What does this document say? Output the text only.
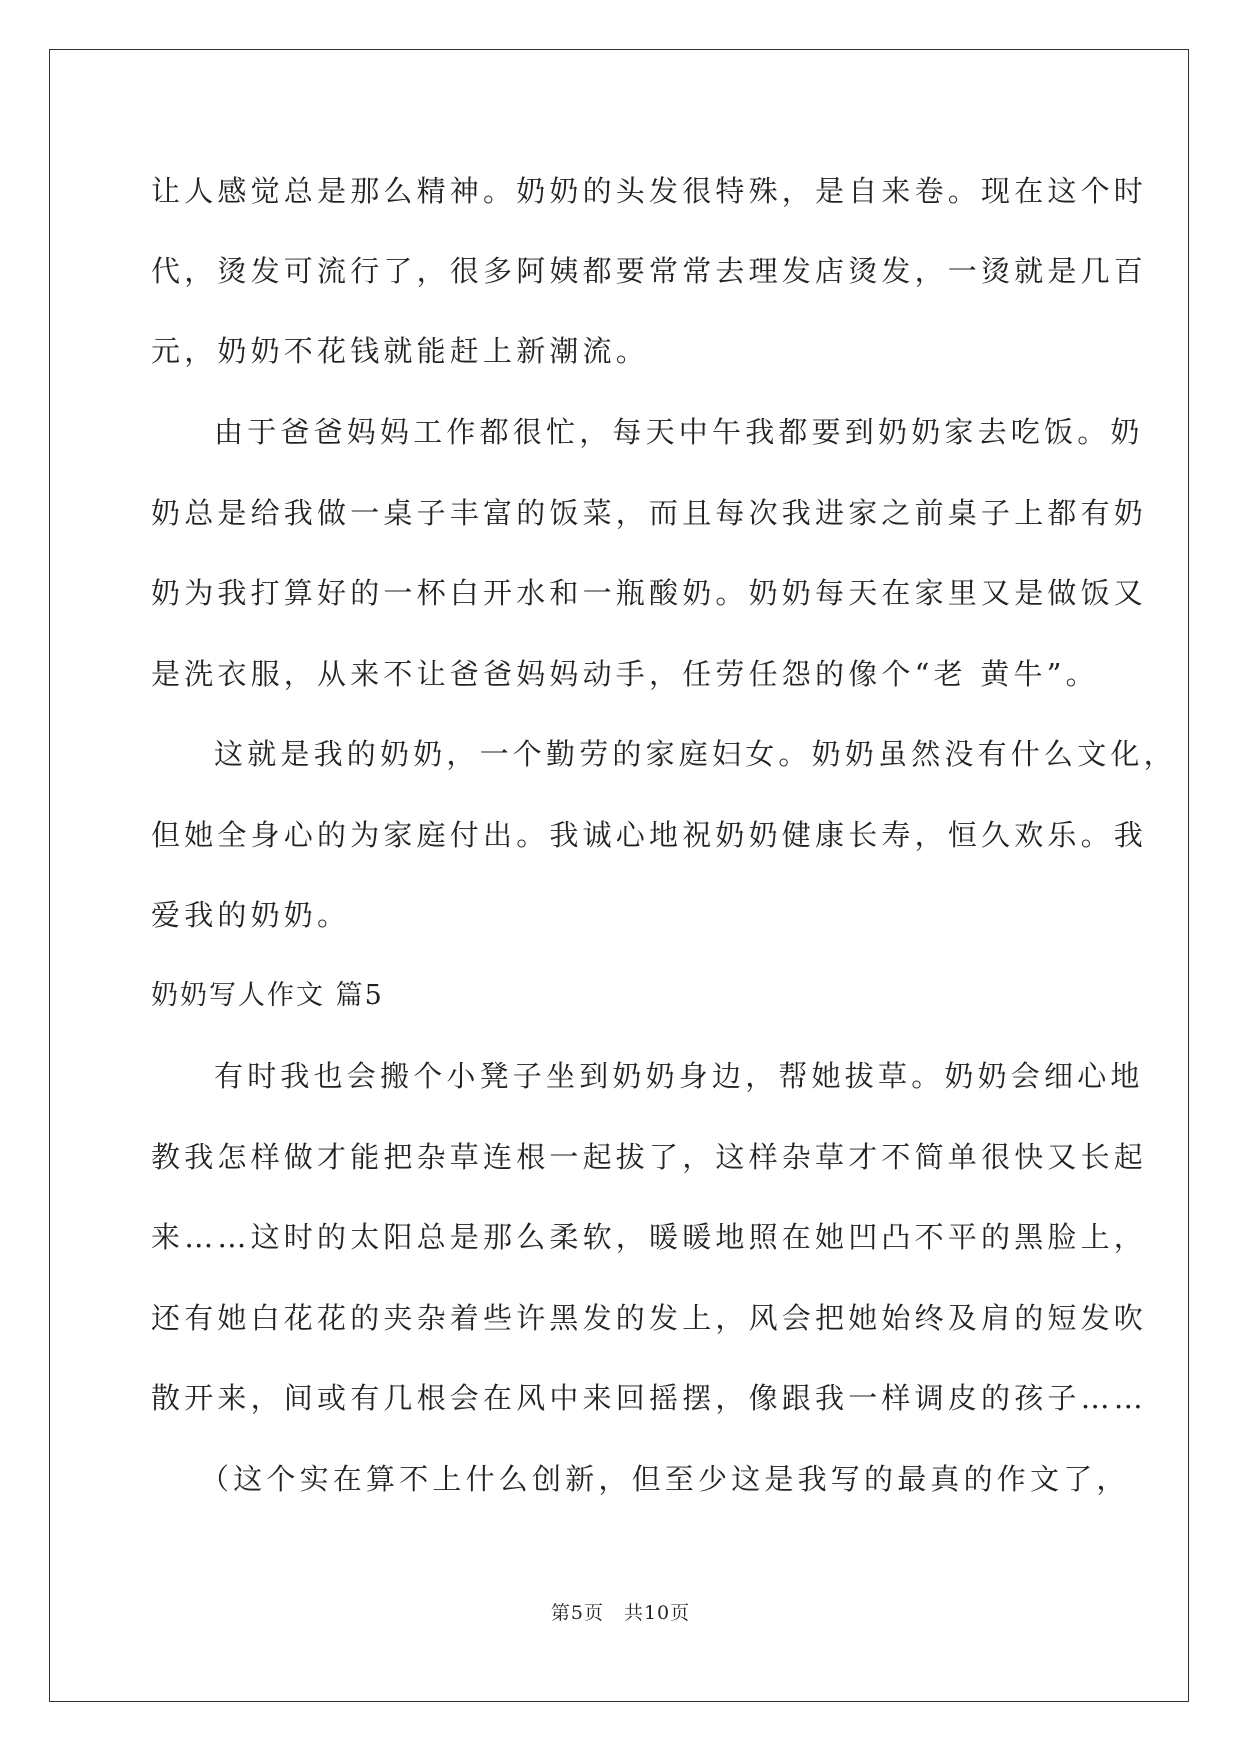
让人感觉总是那么精神。奶奶的头发很特殊，是自来卷。现在这个时

代，烫发可流行了，很多阿姨都要常常去理发店烫发，一烫就是几百

元，奶奶不花钱就能赶上新潮流。

由于爸爸妈妈工作都很忙，每天中午我都要到奶奶家去吃饭。奶

奶总是给我做一桌子丰富的饭菜，而且每次我进家之前桌子上都有奶

奶为我打算好的一杯白开水和一瓶酸奶。奶奶每天在家里又是做饭又

是洗衣服，从来不让爸爸妈妈动手，任劳任怨的像个“老 黄牛”。

这就是我的奶奶，一个勤劳的家庭妇女。奶奶虽然没有什么文化，

但她全身心的为家庭付出。我诚心地祝奶奶健康长寿，恒久欢乐。我

爱我的奶奶。

奶奶写人作文 篇5

有时我也会搬个小凳子坐到奶奶身边，帮她拔草。奶奶会细心地

教我怎样做才能把杂草连根一起拔了，这样杂草才不简单很快又长起

来……这时的太阳总是那么柔软，暖暖地照在她凹凸不平的黑脸上，

还有她白花花的夹杂着些许黑发的发上，风会把她始终及肩的短发吹

散开来，间或有几根会在风中来回摇摆，像跟我一样调皮的孩子……

（这个实在算不上什么创新，但至少这是我写的最真的作文了，

第5页　共10页
